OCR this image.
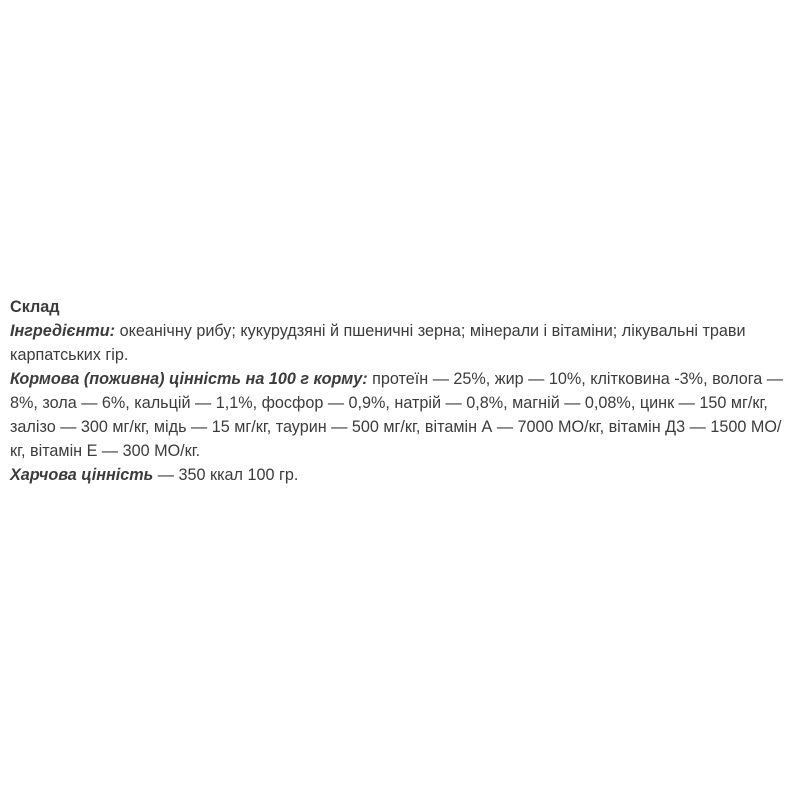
Склад

Інгредієнти: океанічну рибу; кукурудзяні й пшеничні зерна; мінерали і вітаміни; лікувальні трави карпатських гір.

Кормова (поживна) цінність на 100 г корму: протеїн — 25%, жир — 10%, клітковина -3%, волога — 8%, зола — 6%, кальцій — 1,1%, фосфор — 0,9%, натрій — 0,8%, магній — 0,08%, цинк — 150 мг/кг, залізо — 300 мг/кг, мідь — 15 мг/кг, таурин — 500 мг/кг, вітамін А — 7000 МО/кг, вітамін Д3 — 1500 МО/кг, вітамін Е — 300 МО/кг.

Харчова цінність — 350 ккал 100 гр.
